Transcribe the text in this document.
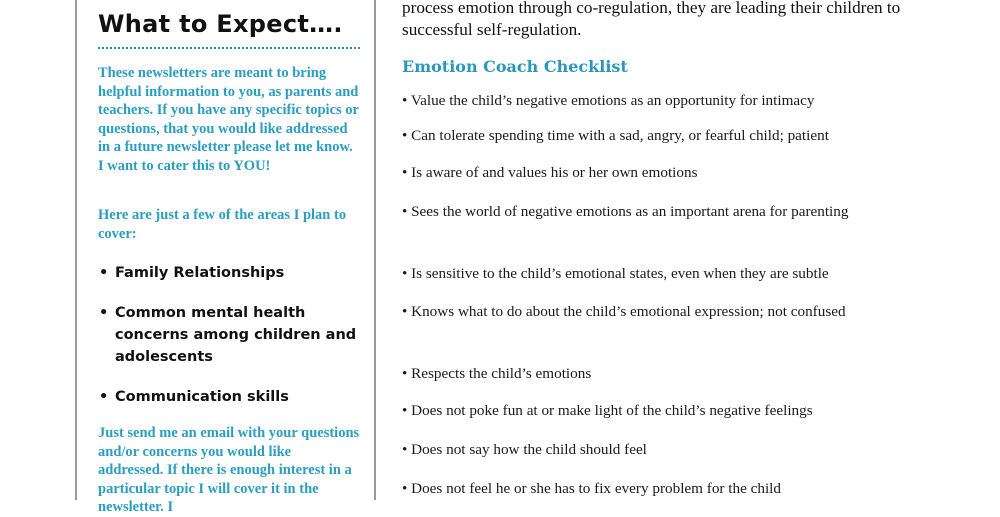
What to Expect….

These newsletters are meant to bring helpful information to you, as parents and teachers. If you have any specific topics or questions, that you would like addressed in a future newsletter please let me know. I want to cater this to YOU!

Here are just a few of the areas I plan to cover:

• Family Relationships
• Common mental health concerns among children and adolescents
• Communication skills

Just send me an email with your questions and/or concerns you would like addressed. If there is enough interest in a particular topic I will cover it in the newsletter. I

process emotion through co-regulation, they are leading their children to successful self-regulation.

Emotion Coach Checklist
• Value the child’s negative emotions as an opportunity for intimacy
• Can tolerate spending time with a sad, angry, or fearful child; patient
• Is aware of and values his or her own emotions
• Sees the world of negative emotions as an important arena for parenting
• Is sensitive to the child’s emotional states, even when they are subtle
• Knows what to do about the child’s emotional expression; not confused
• Respects the child’s emotions
• Does not poke fun at or make light of the child’s negative feelings
• Does not say how the child should feel
• Does not feel he or she has to fix every problem for the child
